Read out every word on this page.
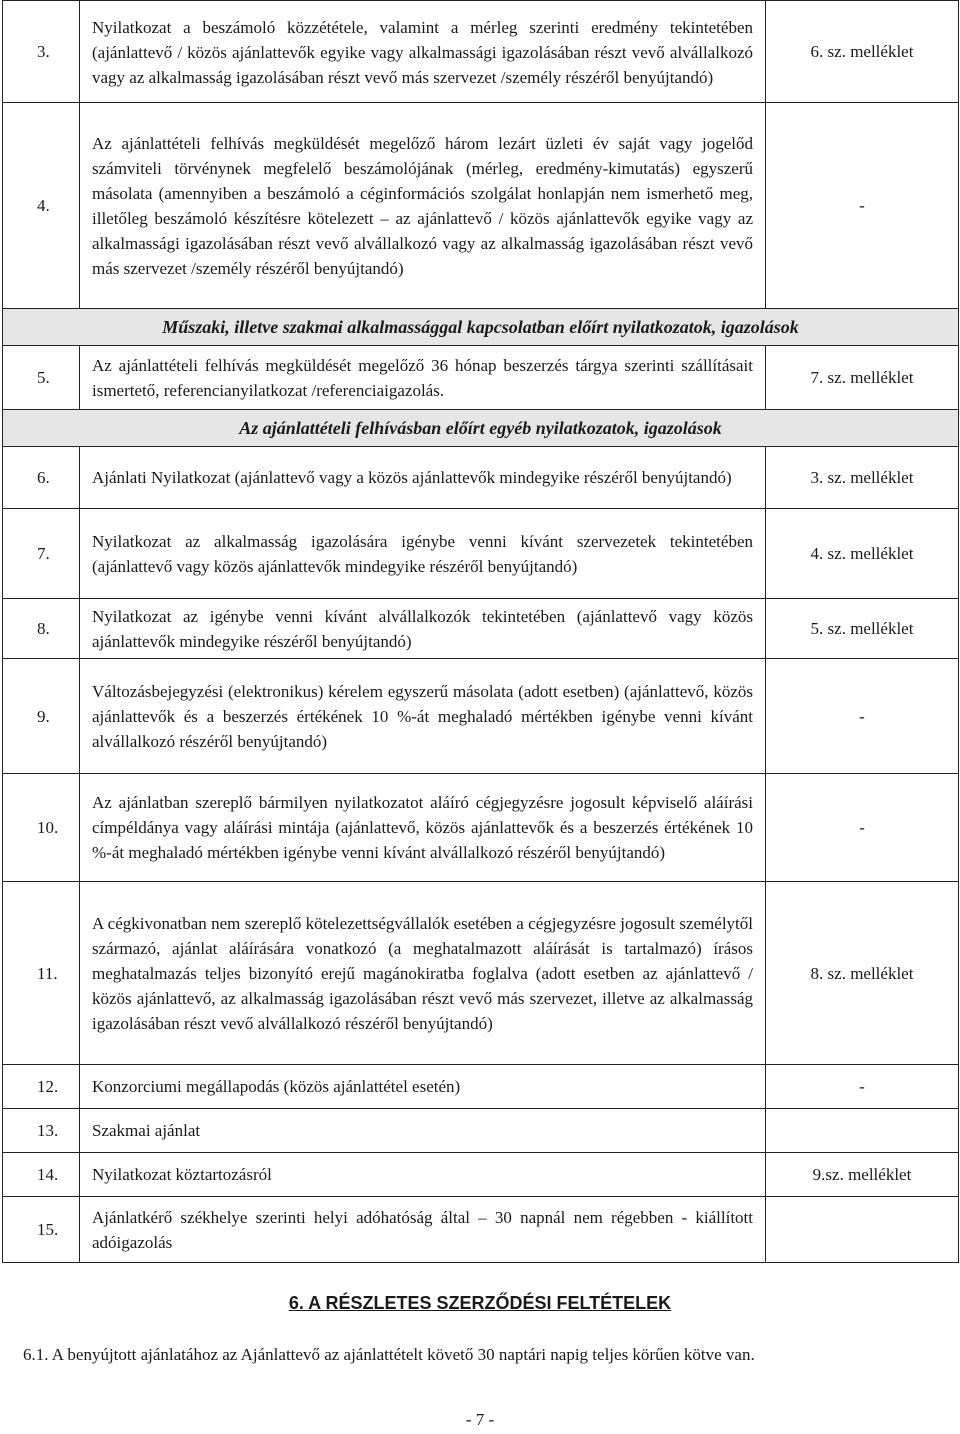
3.	Nyilatkozat a beszámoló közzététele, valamint a mérleg szerinti eredmény tekintetében (ajánlattevő / közös ajánlattevők egyike vagy alkalmassági igazolásában részt vevő alvállalkozó vagy az alkalmasság igazolásában részt vevő más szervezet /személy részéről benyújtandó)	6. sz. melléklet
4.	Az ajánlattételi felhívás megküldését megelőző három lezárt üzleti év saját vagy jogelőd számviteli törvénynek megfelelő beszámolójának (mérleg, eredmény-kimutatás) egyszerű másolata (amennyiben a beszámoló a céginformációs szolgálat honlapján nem ismerhető meg, illetőleg beszámoló készítésre kötelezett – az ajánlattevő / közös ajánlattevők egyike vagy az alkalmassági igazolásában részt vevő alvállalkozó vagy az alkalmasság igazolásában részt vevő más szervezet /személy részéről benyújtandó)	-
Műszaki, illetve szakmai alkalmassággal kapcsolatban előírt nyilatkozatok, igazolások		
5.	Az ajánlattételi felhívás megküldését megelőző 36 hónap beszerzés tárgya szerinti szállításait ismertető, referencianyilatkozat /referenciaigazolás.	7. sz. melléklet
Az ajánlattételi felhívásban előírt egyéb nyilatkozatok, igazolások		
6.	Ajánlati Nyilatkozat (ajánlattevő vagy a közös ajánlattevők mindegyike részéről benyújtandó)	3. sz. melléklet
7.	Nyilatkozat az alkalmasság igazolására igénybe venni kívánt szervezetek tekintetében (ajánlattevő vagy közös ajánlattevők mindegyike részéről benyújtandó)	4. sz. melléklet
8.	Nyilatkozat az igénybe venni kívánt alvállalkozók tekintetében (ajánlattevő vagy közös ajánlattevők mindegyike részéről benyújtandó)	5. sz. melléklet
9.	Változásbejegyzési (elektronikus) kérelem egyszerű másolata (adott esetben) (ajánlattevő, közös ajánlattevők és a beszerzés értékének 10 %-át meghaladó mértékben igénybe venni kívánt alvállalkozó részéről benyújtandó)	-
10.	Az ajánlatban szereplő bármilyen nyilatkozatot aláíró cégjegyzésre jogosult képviselő aláírási címpéldánya vagy aláírási mintája (ajánlattevő, közös ajánlattevők és a beszerzés értékének 10 %-át meghaladó mértékben igénybe venni kívánt alvállalkozó részéről benyújtandó)	-
11.	A cégkivonatban nem szereplő kötelezettségvállalók esetében a cégjegyzésre jogosult személytől származó, ajánlat aláírására vonatkozó (a meghatalmazott aláírását is tartalmazó) írásos meghatalmazás teljes bizonyító erejű magánokiratba foglalva (adott esetben az ajánlattevő / közös ajánlattevő, az alkalmasság igazolásában részt vevő más szervezet, illetve az alkalmasság igazolásában részt vevő alvállalkozó részéről benyújtandó)	8. sz. melléklet
12.	Konzorciumi megállapodás (közös ajánlattétel esetén)	-
13.	Szakmai ajánlat	
14.	Nyilatkozat köztartozásról	9.sz. melléklet
15.	Ajánlatkérő székhelye szerinti helyi adóhatóság által – 30 napnál nem régebben - kiállított adóigazolás	
6. A RÉSZLETES SZERZŐDÉSI FELTÉTELEK
6.1. A benyújtott ajánlatához az Ajánlattevő az ajánlattételt követő 30 naptári napig teljes körűen kötve van.
- 7 -
